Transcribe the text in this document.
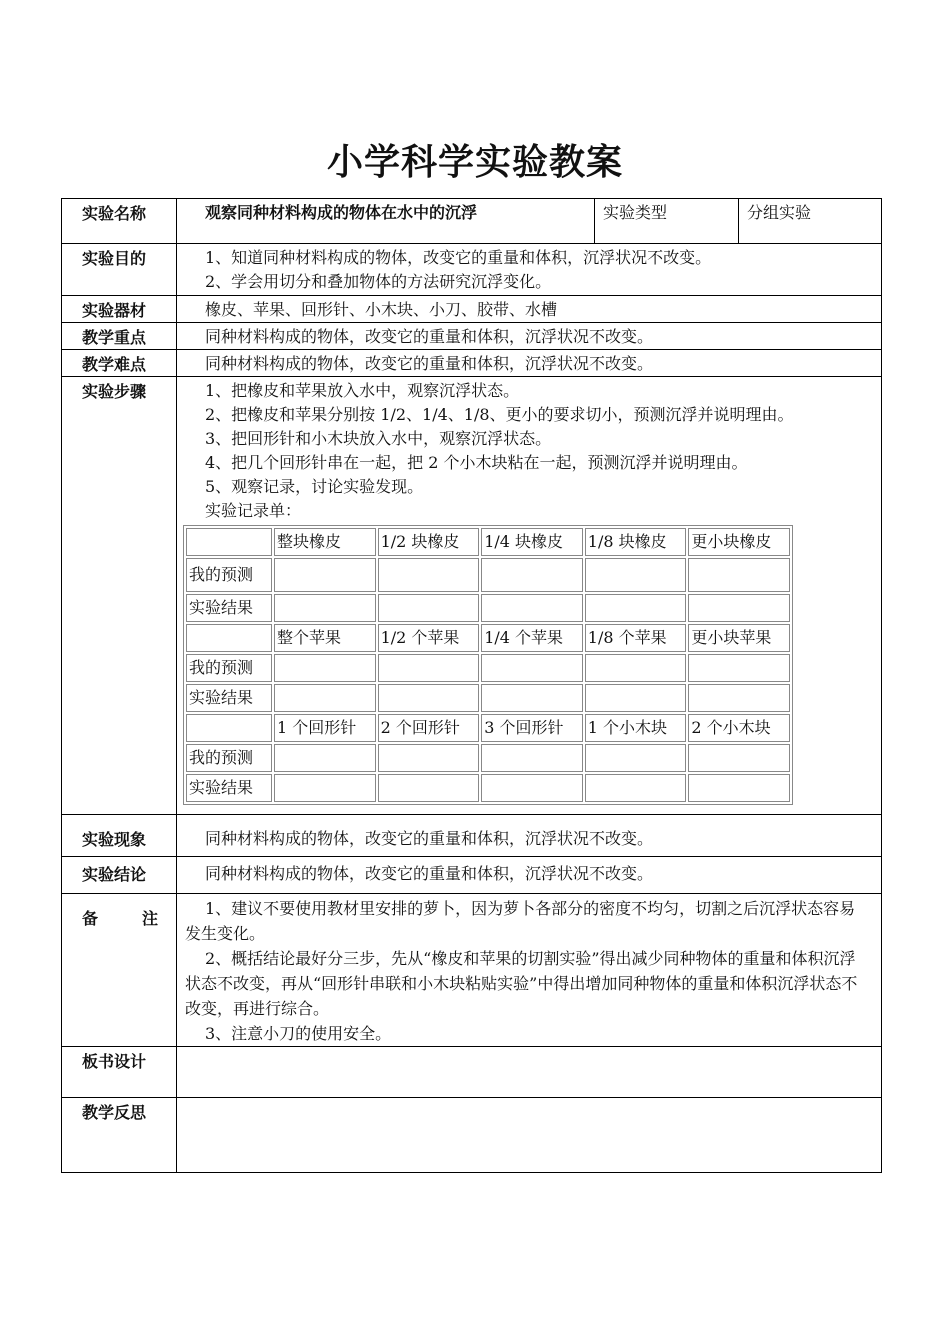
小学科学实验教案
实验名称	观察同种材料构成的物体在水中的沉浮	实验类型	分组实验
实验目的	1、知道同种材料构成的物体，改变它的重量和体积，沉浮状况不改变。
2、学会用切分和叠加物体的方法研究沉浮变化。

实验器材	橡皮、苹果、回形针、小木块、小刀、胶带、水槽
教学重点	同种材料构成的物体，改变它的重量和体积，沉浮状况不改变。
教学难点	同种材料构成的物体，改变它的重量和体积，沉浮状况不改变。
实验步骤	1、把橡皮和苹果放入水中，观察沉浮状态。
2、把橡皮和苹果分别按 1/2、1/4、1/8、更小的要求切小，预测沉浮并说明理由。
3、把回形针和小木块放入水中，观察沉浮状态。
4、把几个回形针串在一起，把 2 个小木块粘在一起，预测沉浮并说明理由。
5、观察记录，讨论实验发现。
实验记录单：
	整块橡皮	1/2 块橡皮	1/4 块橡皮	1/8 块橡皮	更小块橡皮
我的预测					
实验结果					
	整个苹果	1/2 个苹果	1/4 个苹果	1/8 个苹果	更小块苹果
我的预测					
实验结果					
	1 个回形针	2 个回形针	3 个回形针	1 个小木块	2 个小木块
我的预测					
实验结果					

实验现象	同种材料构成的物体，改变它的重量和体积，沉浮状况不改变。
实验结论	同种材料构成的物体，改变它的重量和体积，沉浮状况不改变。

备	注

1、建议不要使用教材里安排的萝卜，因为萝卜各部分的密度不均匀，切割之后沉浮状态容易发生变化。

2、概括结论最好分三步，先从“橡皮和苹果的切割实验”得出减少同种物体的重量和体积沉浮状态不改变，再从“回形针串联和小木块粘贴实验”中得出增加同种物体的重量和体积沉浮状态不改变，再进行综合。

3、注意小刀的使用安全。

板书设计	
教学反思	
